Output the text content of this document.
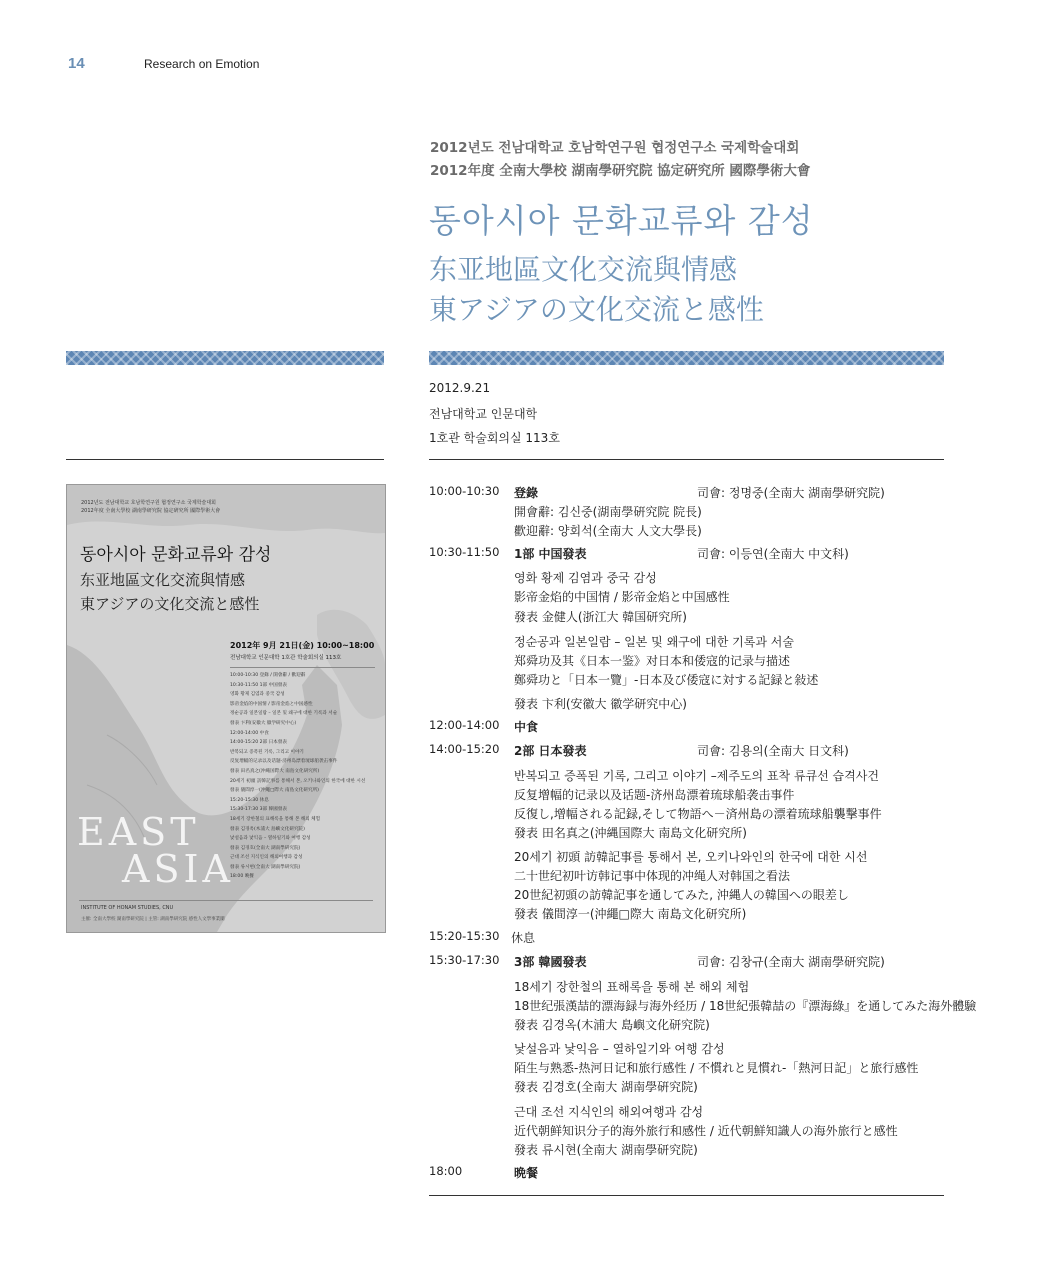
14	Research on Emotion
2012년도 전남대학교 호남학연구원 협정연구소 국제학술대회
2012年度 全南大學校 湖南學研究院 協定硏究所 國際學術大會
동아시아 문화교류와 감성
东亚地區文化交流與情感
東アジアの文化交流と感性
2012.9.21
전남대학교 인문대학
1호관 학술회의실 113호
2012년도 전남대학교 호남학연구원 협정연구소 국제학술대회
2012年度 全南大學校 湖南學研究院 協定硏究所 國際學術大會
동아시아 문화교류와 감성
东亚地區文化交流與情感
東アジアの文化交流と感性
2012年 9月 21日(金) 10:00~18:00
전남대학교 인문대학 1호관 학술회의실 113호
10:00-10:30 登錄 / 開會辭 / 歡迎辭
10:30-11:50 1部 中国發表
영화 황제 김염과 중국 감성
影帝金焰的中国情 / 影帝金焰と中国感性
정순공과 일본일람 – 일본 및 왜구에 대한 기록과 서술
發表 卞利(安徽大 徽学研究中心)
12:00-14:00 中食
14:00-15:20 2部 日本發表
반복되고 증폭된 기록, 그리고 이야기
反复增幅的记录以及话题-济州岛漂着琉球船袭击事件
發表 田名真之(沖縄国際大 南島文化研究所)
20세기 初頭 訪韓記事를 통해서 본, 오키나와인의 한국에 대한 시선
發表 儀間淳一(沖繩□際大 南島文化研究所)
15:20-15:30 休息
15:30-17:30 3部 韓國發表
18세기 장한철의 표해록을 통해 본 해외 체험
發表 김경옥(木浦大 島嶼文化研究院)
낯설음과 낯익음 – 열하일기와 여행 감성
發表 김경호(全南大 湖南學硏究院)
근대 조선 지식인의 해외여행과 감성
發表 류시현(全南大 湖南學研究院)
18:00 晩餐
EAST
ASIA
INSTITUTE OF HONAM STUDIES, CNU
主催: 全南大學校 湖南學研究院 | 主管: 湖南學研究院 感性人文學事業團
10:00-10:30 登錄
開會辭: 김신중(湖南學硏究院 院長)
歡迎辭: 양회석(全南大 人文大學長)
司會: 정명중(全南大 湖南學研究院)
10:30-11:50 1部 中国發表	司會: 이등연(全南大 中文科)
영화 황제 김염과 중국 감성
影帝金焰的中国情 / 影帝金焰と中国感性
發表 金健人(浙江大 韓国研究所)
정순공과 일본일람 – 일본 및 왜구에 대한 기록과 서술
郑舜功及其《日本一鉴》对日本和倭寇的记录与描述
鄭舜功と「日本一覽」-日本及び倭寇に対する記録と敍述
發表 卞利(安徽大 徽学研究中心)
12:00-14:00 中食
14:00-15:20 2部 日本發表	司會: 김용의(全南大 日文科)
반복되고 증폭된 기록, 그리고 이야기 –제주도의 표착 류큐선 습격사건
反复增幅的记录以及话题-济州岛漂着琉球船袭击事件
反復し,增幅される記録,そして物語へ－済州島の漂着琉球船襲撃事件
發表 田名真之(沖縄国際大 南島文化研究所)
20세기 初頭 訪韓記事를 통해서 본, 오키나와인의 한국에 대한 시선
二十世纪初叶访韩记事中体现的冲绳人对韩国之看法
20世紀初頭の訪韓記事を通してみた, 沖縄人の韓国への眼差し
發表 儀間淳一(沖繩□際大 南島文化研究所)
15:20-15:30 休息
15:30-17:30 3部 韓國發表	司會: 김창규(全南大 湖南學研究院)
18세기 장한철의 표해록을 통해 본 해외 체험
18世纪張漢喆的漂海録与海外经历 / 18世紀張韓喆の『漂海綠』を通してみた海外體驗
發表 김경옥(木浦大 島嶼文化研究院)
낯설음과 낯익음 – 열하일기와 여행 감성
陌生与熟悉-热河日记和旅行感性 / 不慣れと見慣れ-「熱河日記」と旅行感性
發表 김경호(全南大 湖南學硏究院)
근대 조선 지식인의 해외여행과 감성
近代朝鲜知识分子的海外旅行和感性 / 近代朝鮮知識人の海外旅行と感性
發表 류시현(全南大 湖南學研究院)
18:00	晩餐
